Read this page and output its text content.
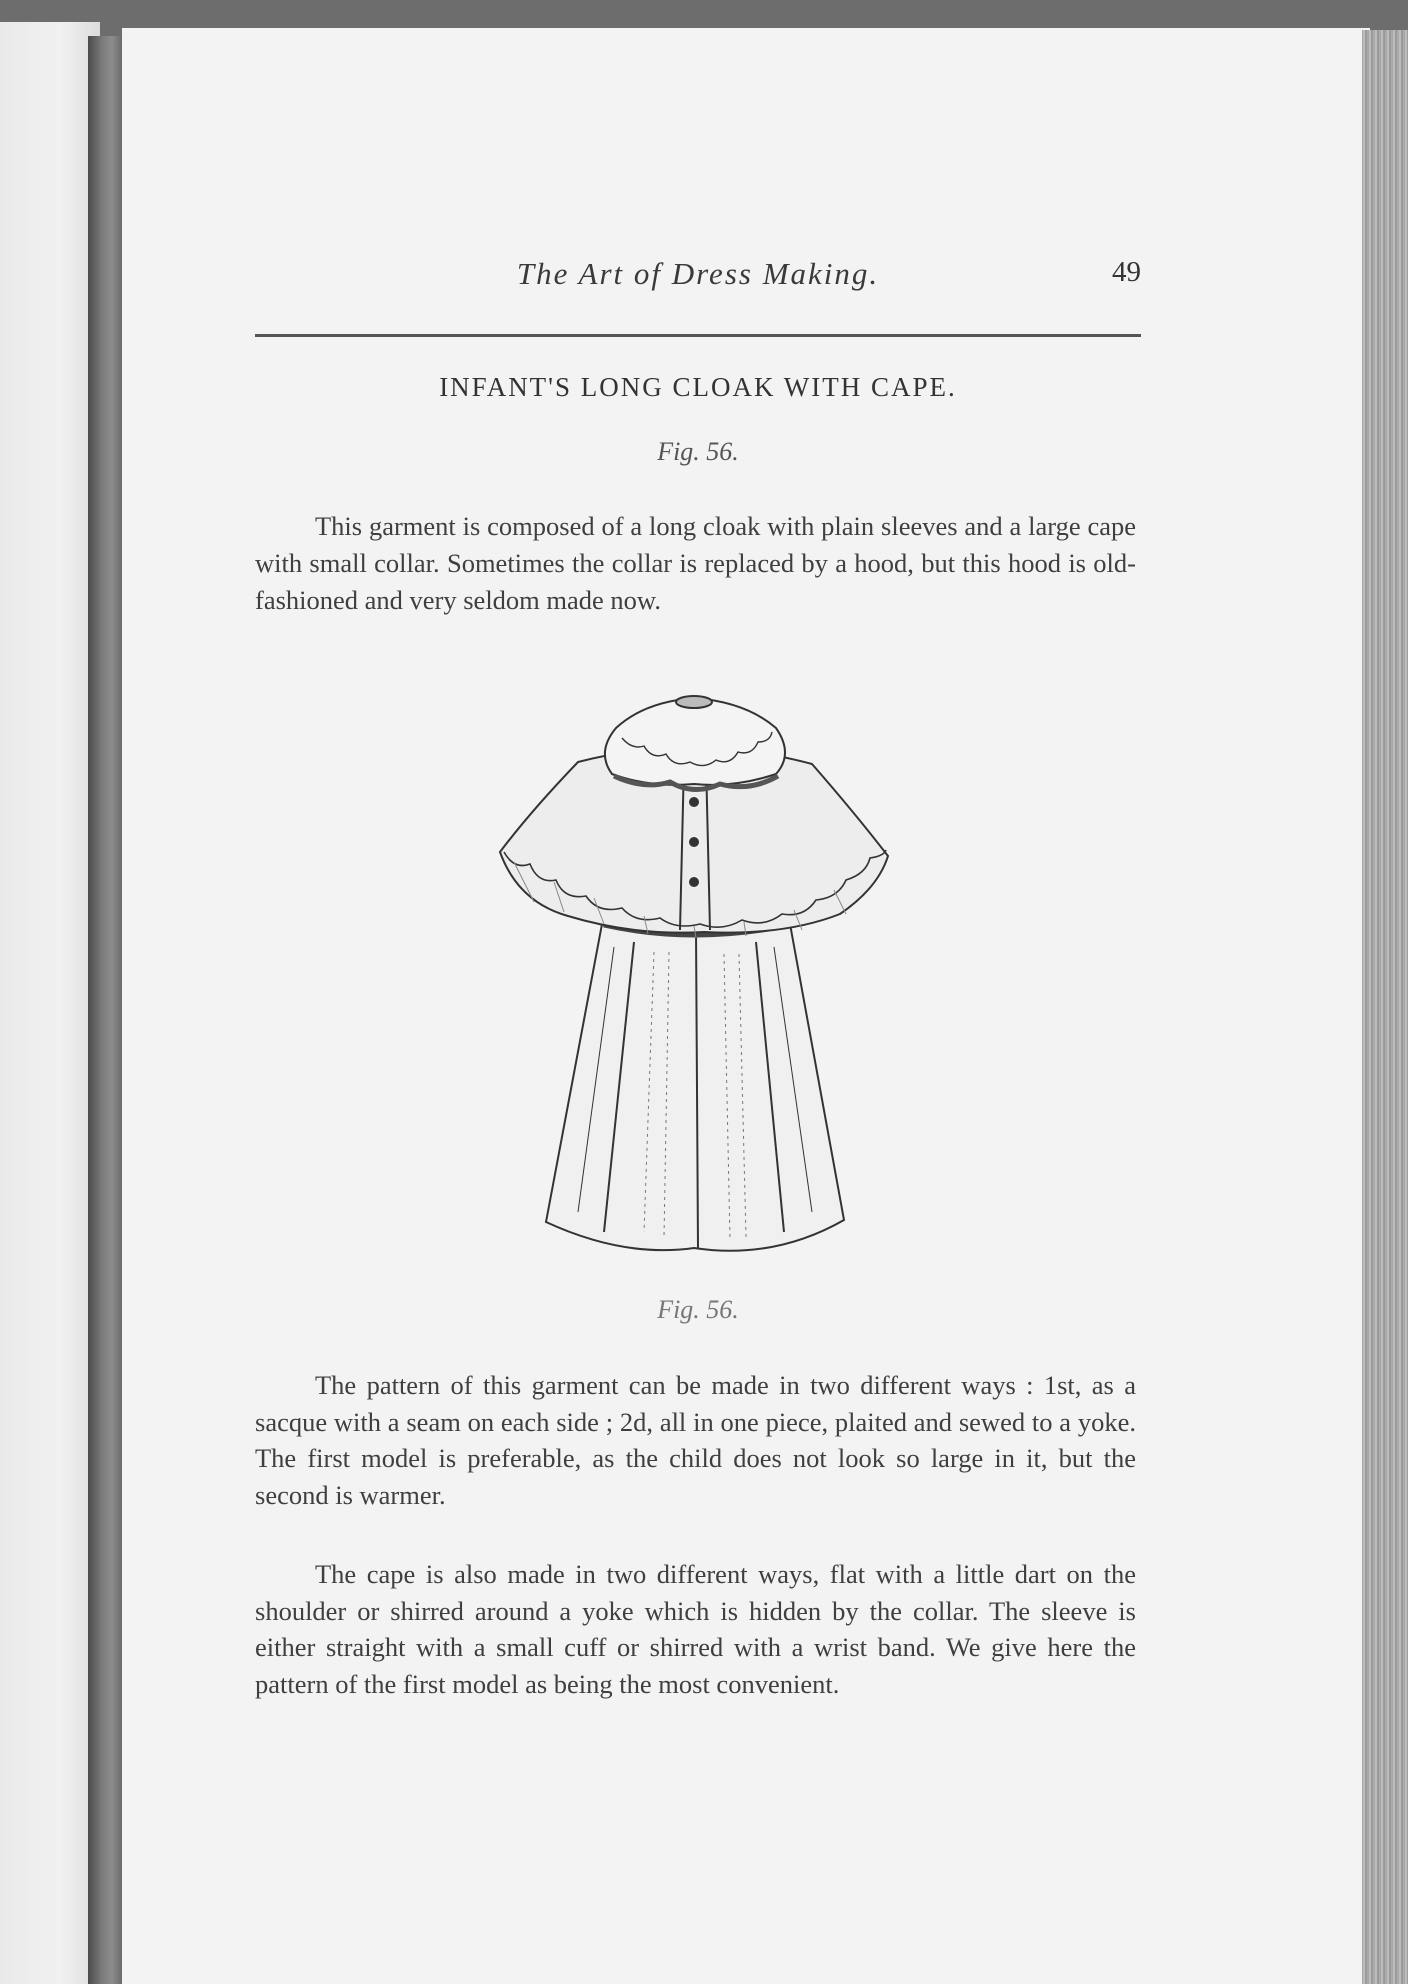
The Art of Dress Making.	49
INFANT'S LONG CLOAK WITH CAPE.
Fig. 56.

This garment is composed of a long cloak with plain sleeves and a large cape with small collar. Sometimes the collar is replaced by a hood, but this hood is old-fashioned and very seldom made now.

Fig. 56.

The pattern of this garment can be made in two different ways : 1st, as a sacque with a seam on each side ; 2d, all in one piece, plaited and sewed to a yoke. The first model is preferable, as the child does not look so large in it, but the second is warmer.

The cape is also made in two different ways, flat with a little dart on the shoulder or shirred around a yoke which is hidden by the collar. The sleeve is either straight with a small cuff or shirred with a wrist band. We give here the pattern of the first model as being the most convenient.
